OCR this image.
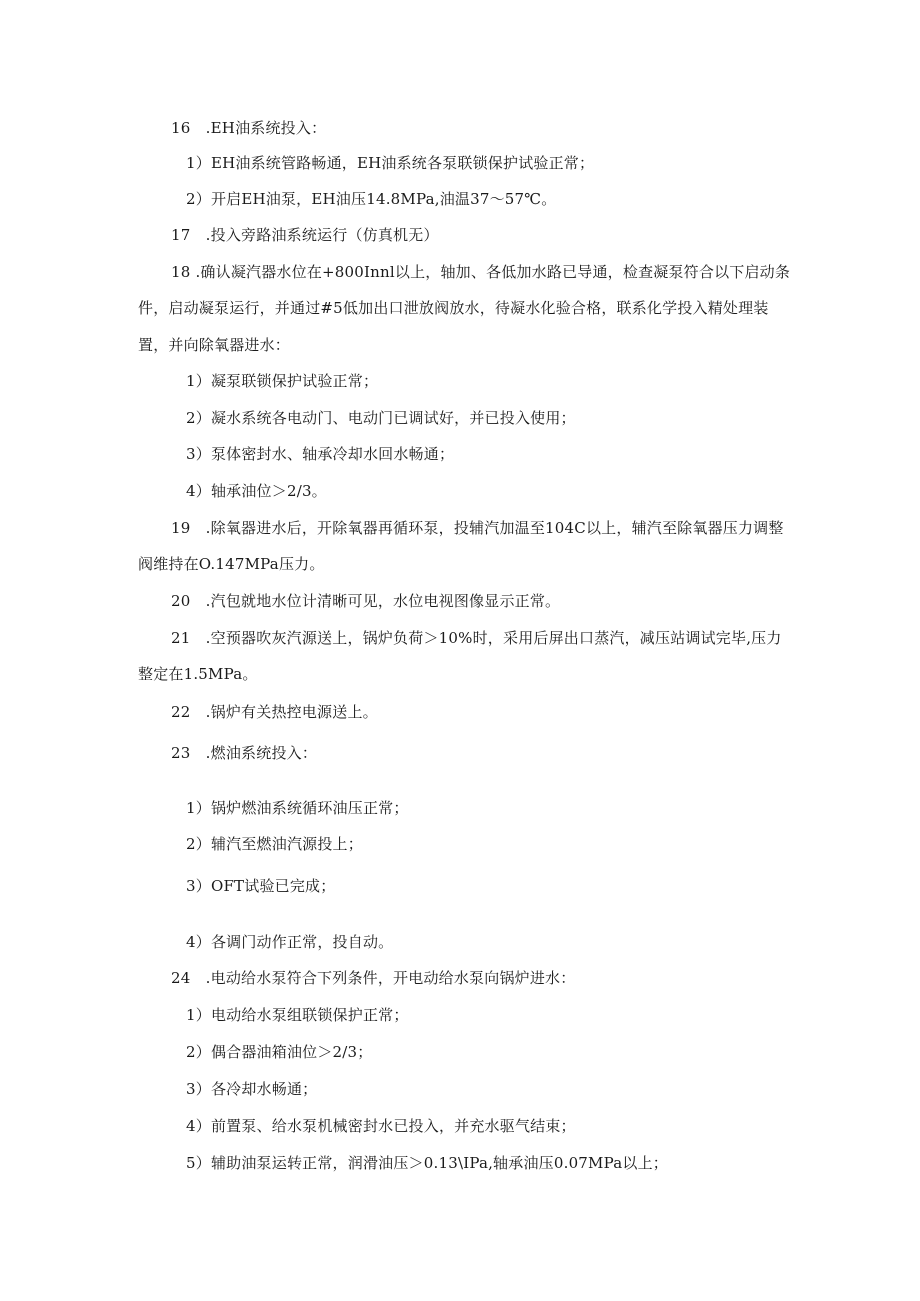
16　.EH油系统投入：
1）EH油系统管路畅通，EH油系统各泵联锁保护试验正常；
2）开启EH油泵，EH油压14.8MPa,油温37～57℃。
17　.投入旁路油系统运行（仿真机无）
18 .确认凝汽器水位在+800Innl以上，轴加、各低加水路已导通，检查凝泵符合以下启动条
件，启动凝泵运行，并通过#5低加出口泄放阀放水，待凝水化验合格，联系化学投入精处理装
置，并向除氧器进水：
1）凝泵联锁保护试验正常；
2）凝水系统各电动门、电动门已调试好，并已投入使用；
3）泵体密封水、轴承冷却水回水畅通；
4）轴承油位＞2/3。
19　.除氧器进水后，开除氧器再循环泵，投辅汽加温至104C以上，辅汽至除氧器压力调整
阀维持在O.147MPa压力。
20　.汽包就地水位计清晰可见，水位电视图像显示正常。
21　.空预器吹灰汽源送上，锅炉负荷＞10%时，采用后屏出口蒸汽，减压站调试完毕,压力
整定在1.5MPa。
22　.锅炉有关热控电源送上。
23　.燃油系统投入：
1）锅炉燃油系统循环油压正常；
2）辅汽至燃油汽源投上；
3）OFT试验已完成；
4）各调门动作正常，投自动。
24　.电动给水泵符合下列条件，开电动给水泵向锅炉进水：
1）电动给水泵组联锁保护正常；
2）偶合器油箱油位＞2/3；
3）各冷却水畅通；
4）前置泵、给水泵机械密封水已投入，并充水驱气结束；
5）辅助油泵运转正常，润滑油压＞0.13\IPa,轴承油压0.07MPa以上；
